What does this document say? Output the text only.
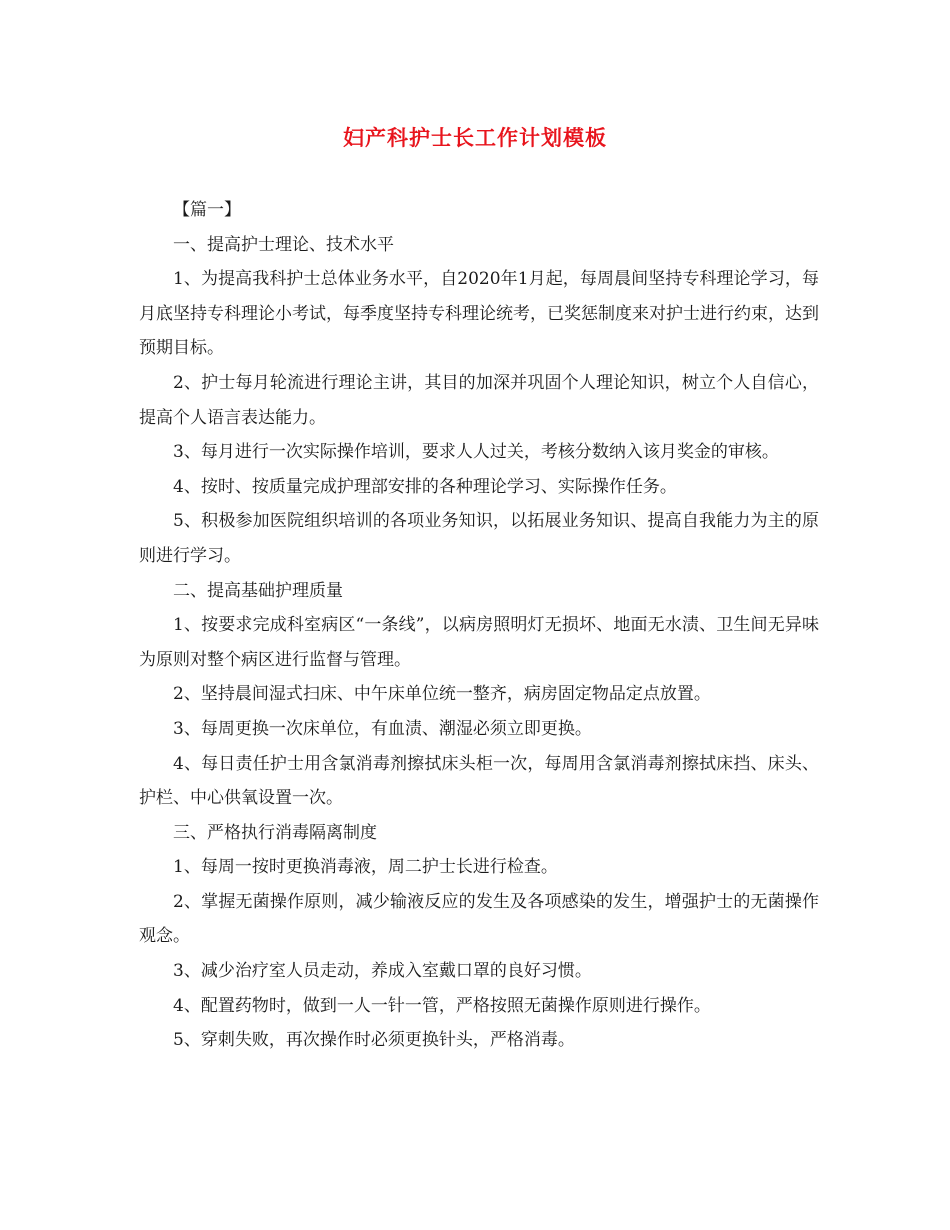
妇产科护士长工作计划模板

【篇一】

一、提高护士理论、技术水平

1、为提高我科护士总体业务水平，自2020年1月起，每周晨间坚持专科理论学习，每月底坚持专科理论小考试，每季度坚持专科理论统考，已奖惩制度来对护士进行约束，达到预期目标。

2、护士每月轮流进行理论主讲，其目的加深并巩固个人理论知识，树立个人自信心，提高个人语言表达能力。

3、每月进行一次实际操作培训，要求人人过关，考核分数纳入该月奖金的审核。

4、按时、按质量完成护理部安排的各种理论学习、实际操作任务。

5、积极参加医院组织培训的各项业务知识，以拓展业务知识、提高自我能力为主的原则进行学习。

二、提高基础护理质量

1、按要求完成科室病区“一条线”，以病房照明灯无损坏、地面无水渍、卫生间无异味为原则对整个病区进行监督与管理。

2、坚持晨间湿式扫床、中午床单位统一整齐，病房固定物品定点放置。

3、每周更换一次床单位，有血渍、潮湿必须立即更换。

4、每日责任护士用含氯消毒剂擦拭床头柜一次，每周用含氯消毒剂擦拭床挡、床头、护栏、中心供氧设置一次。

三、严格执行消毒隔离制度

1、每周一按时更换消毒液，周二护士长进行检查。

2、掌握无菌操作原则，减少输液反应的发生及各项感染的发生，增强护士的无菌操作观念。

3、减少治疗室人员走动，养成入室戴口罩的良好习惯。

4、配置药物时，做到一人一针一管，严格按照无菌操作原则进行操作。

5、穿刺失败，再次操作时必须更换针头，严格消毒。
